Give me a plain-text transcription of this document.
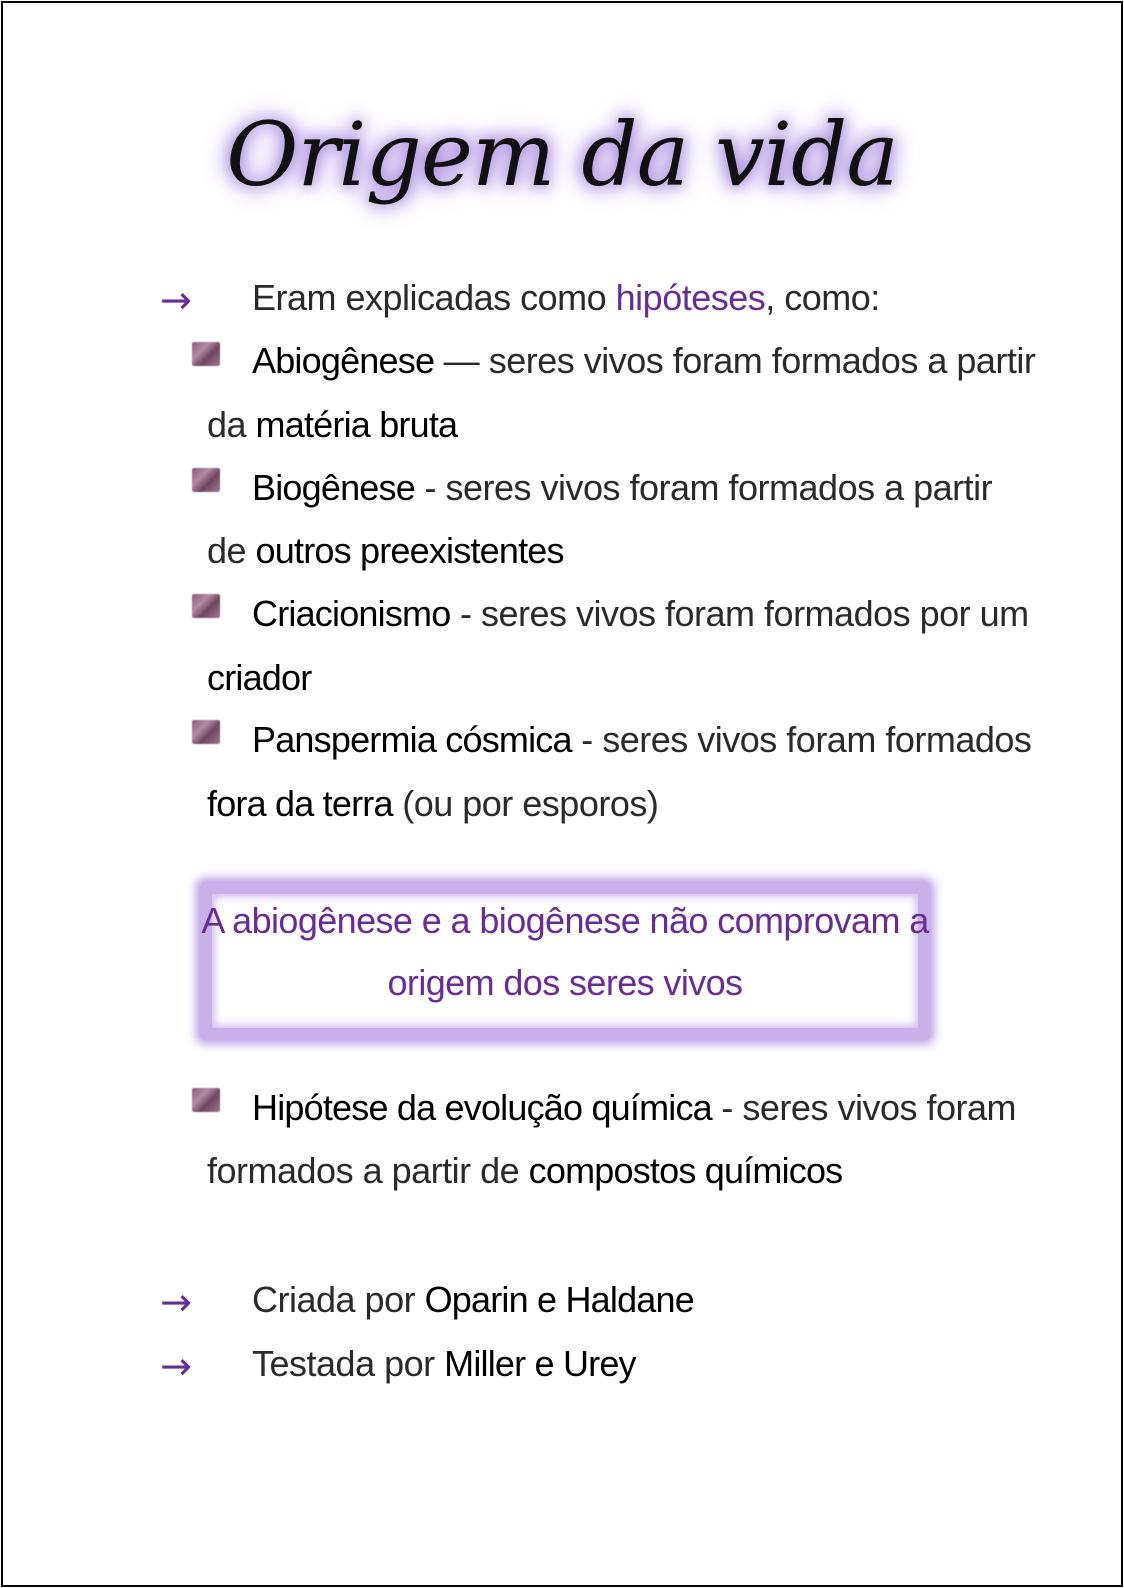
Origem da vida
→ Eram explicadas como hipóteses, como:
Abiogênese — seres vivos foram formados a partir
da matéria bruta
Biogênese - seres vivos foram formados a partir
de outros preexistentes
Criacionismo - seres vivos foram formados por um
criador
Panspermia cósmica - seres vivos foram formados
fora da terra (ou por esporos)
A abiogênese e a biogênese não comprovam a
origem dos seres vivos
Hipótese da evolução química - seres vivos foram
formados a partir de compostos químicos
→ Criada por Oparin e Haldane
→ Testada por Miller e Urey
